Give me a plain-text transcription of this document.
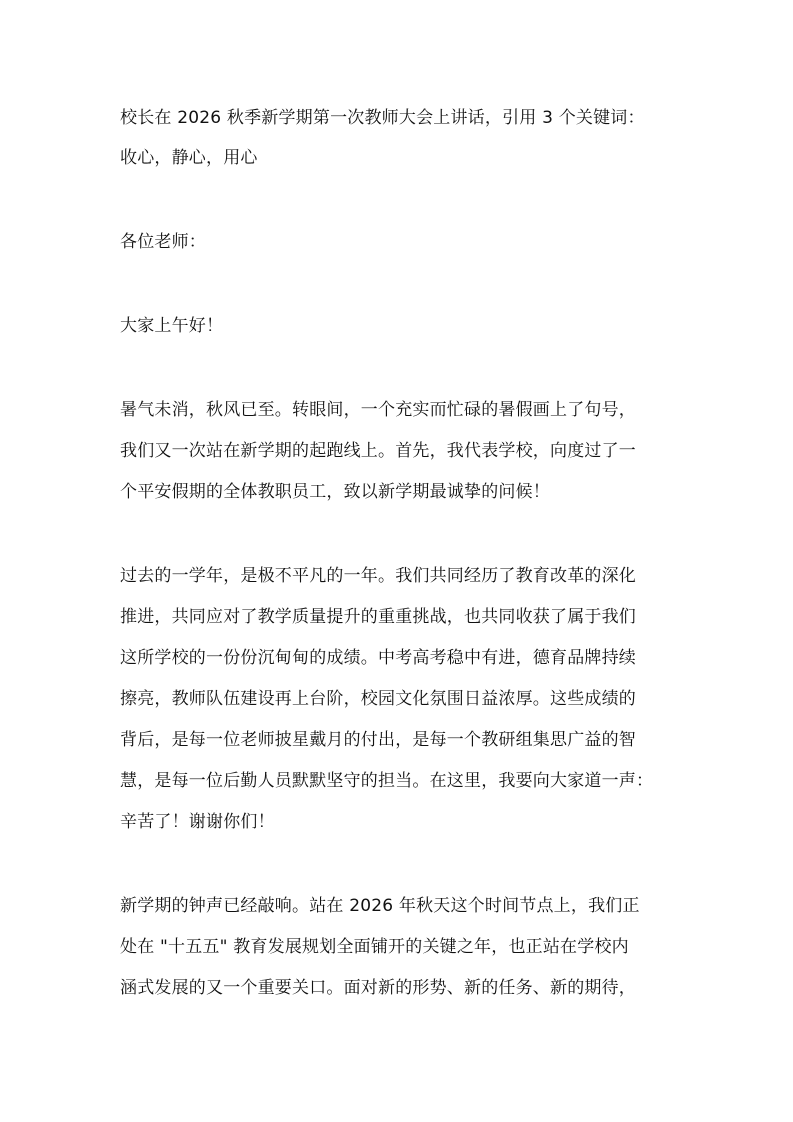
校长在 2026 秋季新学期第一次教师大会上讲话，引用 3 个关键词：
收心，静心，用心
各位老师：
大家上午好！
暑气未消，秋风已至。转眼间，一个充实而忙碌的暑假画上了句号，
我们又一次站在新学期的起跑线上。首先，我代表学校，向度过了一
个平安假期的全体教职员工，致以新学期最诚挚的问候！
过去的一学年，是极不平凡的一年。我们共同经历了教育改革的深化
推进，共同应对了教学质量提升的重重挑战，也共同收获了属于我们
这所学校的一份份沉甸甸的成绩。中考高考稳中有进，德育品牌持续
擦亮，教师队伍建设再上台阶，校园文化氛围日益浓厚。这些成绩的
背后，是每一位老师披星戴月的付出，是每一个教研组集思广益的智
慧，是每一位后勤人员默默坚守的担当。在这里，我要向大家道一声：
辛苦了！谢谢你们！
新学期的钟声已经敲响。站在 2026 年秋天这个时间节点上，我们正
处在 "十五五" 教育发展规划全面铺开的关键之年，也正站在学校内
涵式发展的又一个重要关口。面对新的形势、新的任务、新的期待，
